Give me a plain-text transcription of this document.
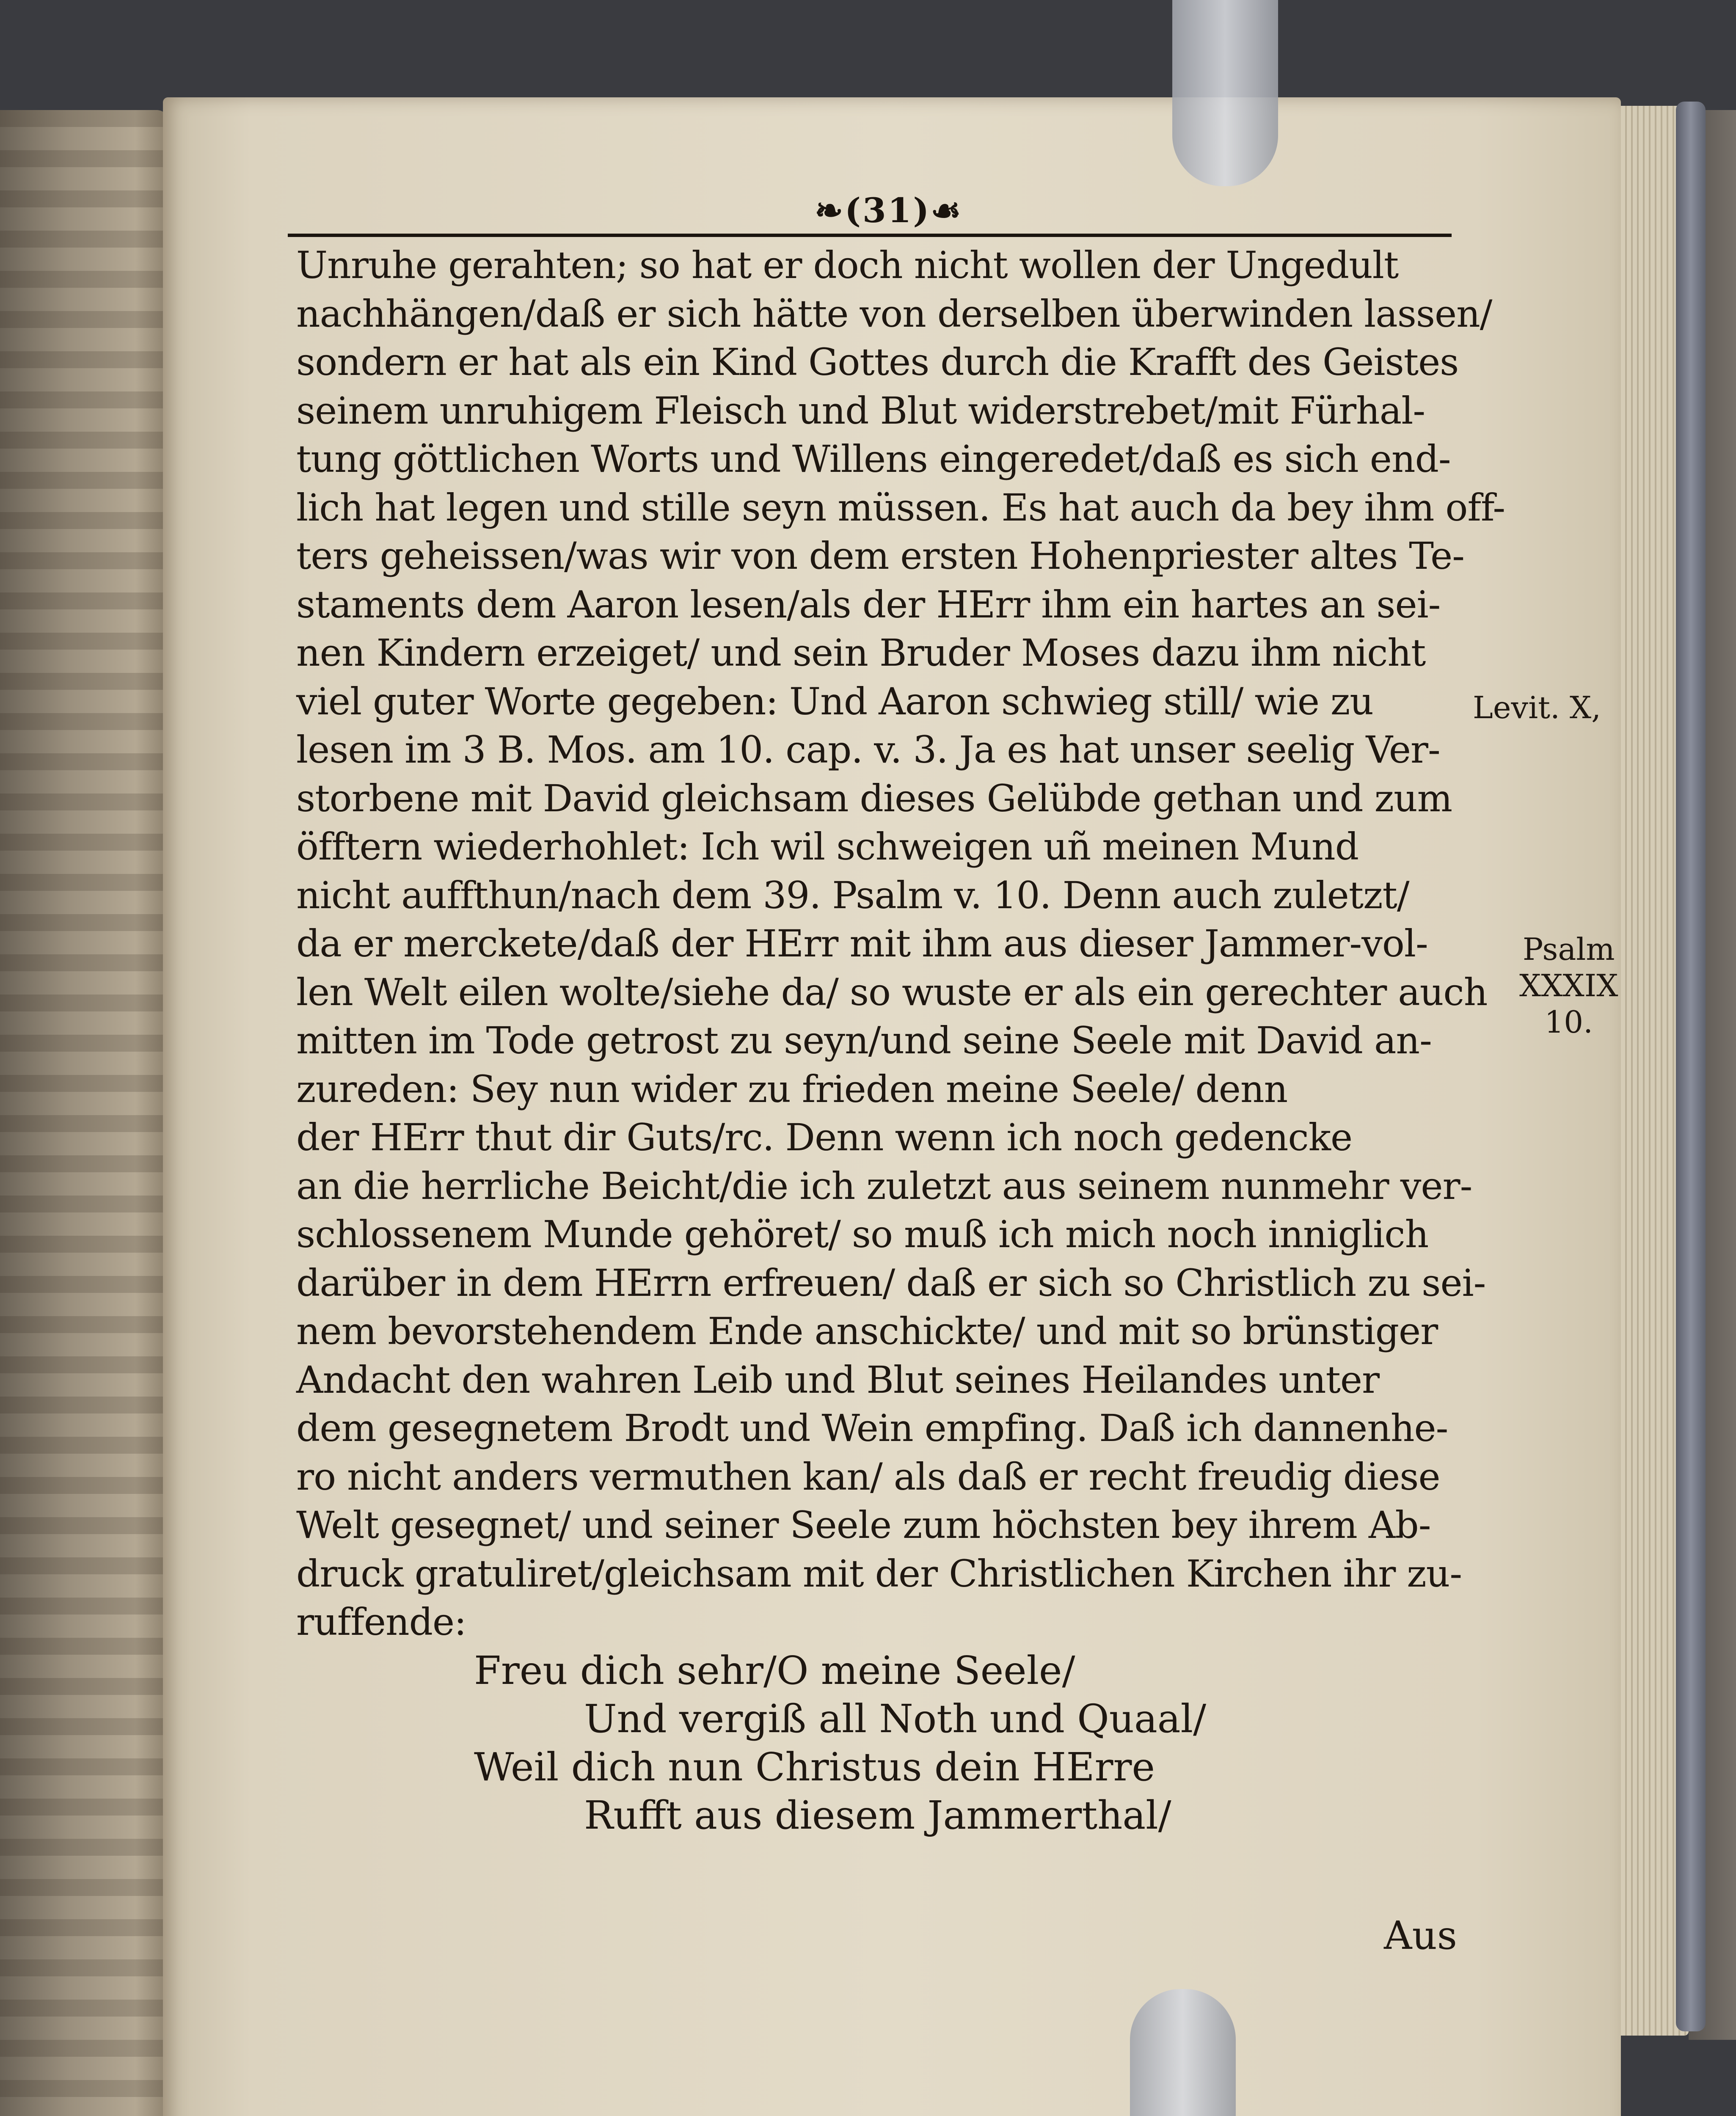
❧(31)☙
Unruhe gerahten; so hat er doch nicht wollen der Ungedult
nachhängen/daß er sich hätte von derselben überwinden lassen/
sondern er hat als ein Kind Gottes durch die Krafft des Geistes
seinem unruhigem Fleisch und Blut widerstrebet/mit Fürhal-
tung göttlichen Worts und Willens eingeredet/daß es sich end-
lich hat legen und stille seyn müssen. Es hat auch da bey ihm off-
ters geheissen/was wir von dem ersten Hohenpriester altes Te-
staments dem Aaron lesen/als der HErr ihm ein hartes an sei-
nen Kindern erzeiget/ und sein Bruder Moses dazu ihm nicht
viel guter Worte gegeben: Und Aaron schwieg still/ wie zu
lesen im 3 B. Mos. am 10. cap. v. 3. Ja es hat unser seelig Ver-
storbene mit David gleichsam dieses Gelübde gethan und zum
öfftern wiederhohlet: Ich wil schweigen uñ meinen Mund
nicht auffthun/nach dem 39. Psalm v. 10. Denn auch zuletzt/
da er merckete/daß der HErr mit ihm aus dieser Jammer-vol-
len Welt eilen wolte/siehe da/ so wuste er als ein gerechter auch
mitten im Tode getrost zu seyn/und seine Seele mit David an-
zureden: Sey nun wider zu frieden meine Seele/ denn
der HErr thut dir Guts/rc. Denn wenn ich noch gedencke
an die herrliche Beicht/die ich zuletzt aus seinem nunmehr ver-
schlossenem Munde gehöret/ so muß ich mich noch inniglich
darüber in dem HErrn erfreuen/ daß er sich so Christlich zu sei-
nem bevorstehendem Ende anschickte/ und mit so brünstiger
Andacht den wahren Leib und Blut seines Heilandes unter
dem gesegnetem Brodt und Wein empfing. Daß ich dannenhe-
ro nicht anders vermuthen kan/ als daß er recht freudig diese
Welt gesegnet/ und seiner Seele zum höchsten bey ihrem Ab-
druck gratuliret/gleichsam mit der Christlichen Kirchen ihr zu-
ruffende:
Freu dich sehr/O meine Seele/
Und vergiß all Noth und Quaal/
Weil dich nun Christus dein HErre
Rufft aus diesem Jammerthal/
Aus
Levit. X,
Psalm
XXXIX
10.
